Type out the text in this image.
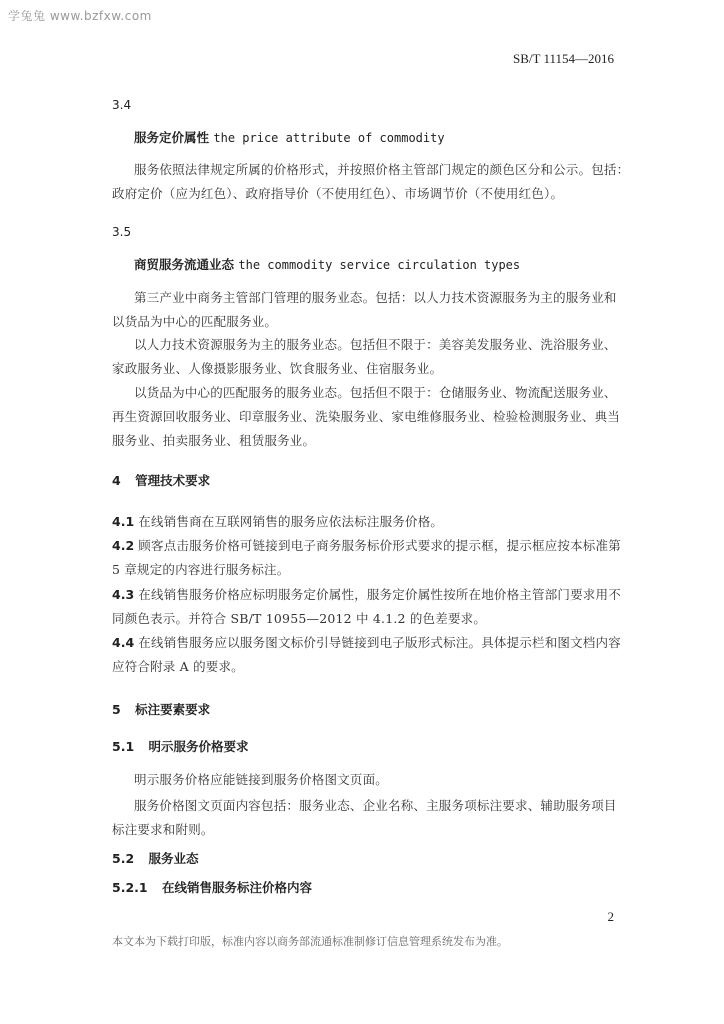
学兔兔 www.bzfxw.com
SB/T 11154—2016
3.4
服务定价属性 the price attribute of commodity
服务依照法律规定所属的价格形式，并按照价格主管部门规定的颜色区分和公示。包括：
政府定价（应为红色）、政府指导价（不使用红色）、市场调节价（不使用红色）。
3.5
商贸服务流通业态 the commodity service circulation types
第三产业中商务主管部门管理的服务业态。包括：以人力技术资源服务为主的服务业和
以货品为中心的匹配服务业。
以人力技术资源服务为主的服务业态。包括但不限于：美容美发服务业、洗浴服务业、
家政服务业、人像摄影服务业、饮食服务业、住宿服务业。
以货品为中心的匹配服务的服务业态。包括但不限于：仓储服务业、物流配送服务业、
再生资源回收服务业、印章服务业、洗染服务业、家电维修服务业、检验检测服务业、典当
服务业、拍卖服务业、租赁服务业。
4 管理技术要求
4.1 在线销售商在互联网销售的服务应依法标注服务价格。
4.2 顾客点击服务价格可链接到电子商务服务标价形式要求的提示框，提示框应按本标准第
5 章规定的内容进行服务标注。
4.3 在线销售服务价格应标明服务定价属性，服务定价属性按所在地价格主管部门要求用不
同颜色表示。并符合 SB/T 10955—2012 中 4.1.2 的色差要求。
4.4 在线销售服务应以服务图文标价引导链接到电子版形式标注。具体提示栏和图文档内容
应符合附录 A 的要求。
5 标注要素要求
5.1 明示服务价格要求
明示服务价格应能链接到服务价格图文页面。
服务价格图文页面内容包括：服务业态、企业名称、主服务项标注要求、辅助服务项目
标注要求和附则。
5.2 服务业态
5.2.1 在线销售服务标注价格内容
2
本文本为下载打印版，标准内容以商务部流通标准制修订信息管理系统发布为准。
